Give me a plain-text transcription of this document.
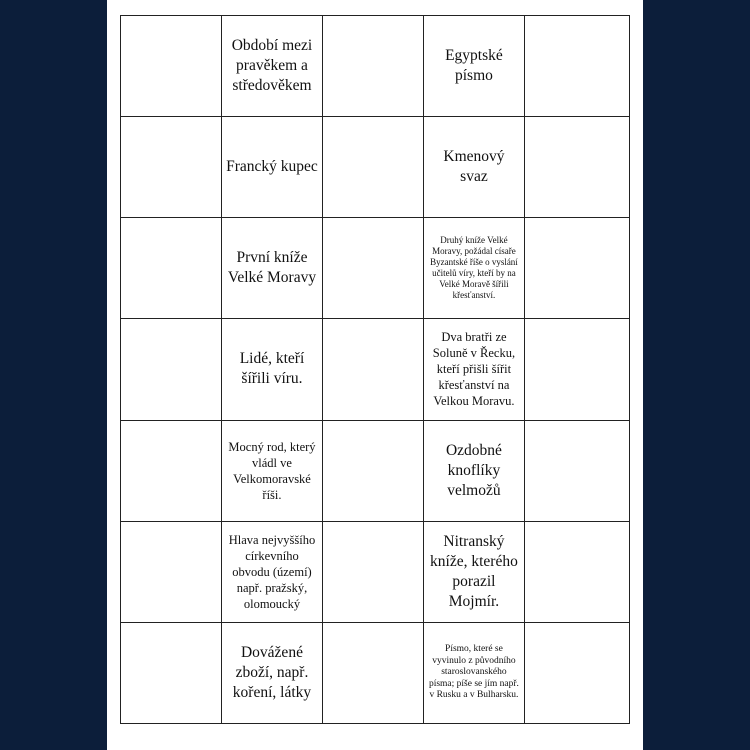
	Období mezi pravěkem a středověkem		Egyptské písmo	
	Francký kupec		Kmenový svaz	
	První kníže Velké Moravy		Druhý kníže Velké Moravy, požádal císaře Byzantské říše o vyslání učitelů víry, kteří by na Velké Moravě šířili křesťanství.	
	Lidé, kteří šířili víru.		Dva bratři ze Soluně v Řecku, kteří přišli šířit křesťanství na Velkou Moravu.	
	Mocný rod, který vládl ve Velkomoravské říši.		Ozdobné knoflíky velmožů	
	Hlava nejvyššího církevního obvodu (území) např. pražský, olomoucký		Nitranský kníže, kterého porazil Mojmír.	
	Dovážené zboží, např. koření, látky		Písmo, které se vyvinulo z původního staroslovanského písma; píše se jím např. v Rusku a v Bulharsku.	
